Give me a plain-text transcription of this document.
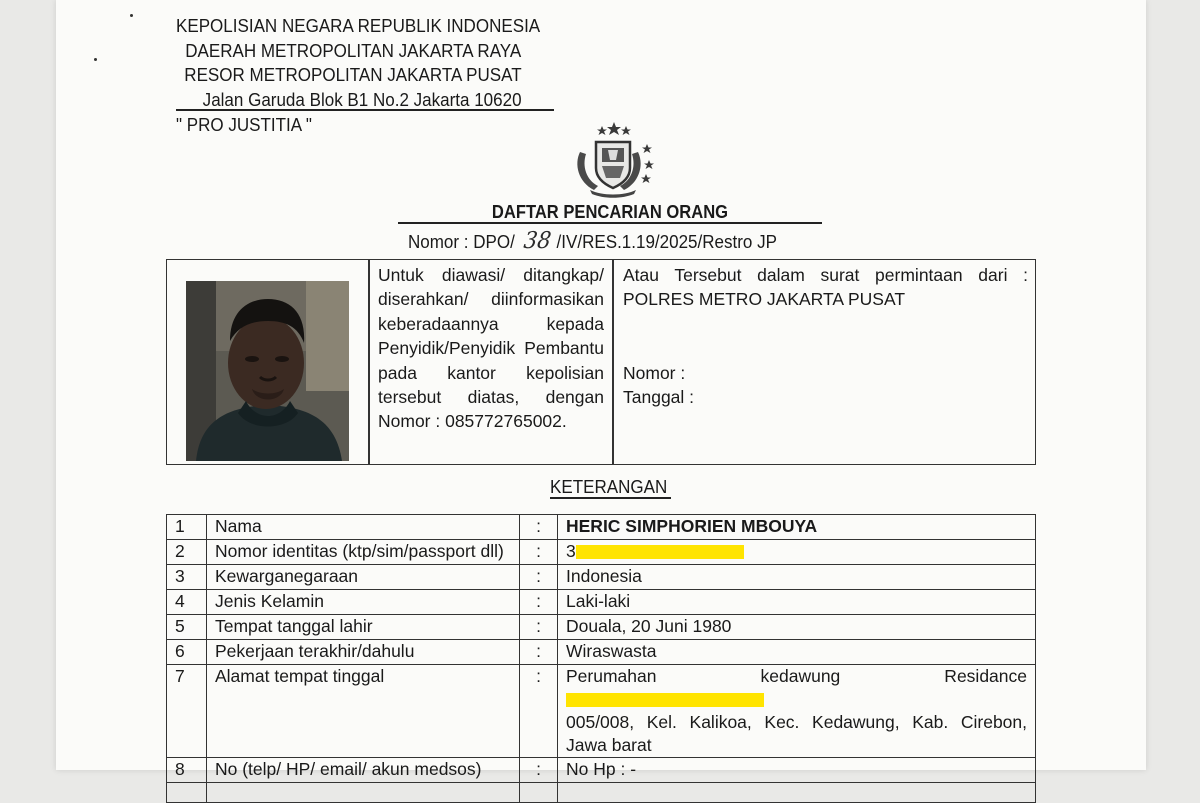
KEPOLISIAN NEGARA REPUBLIK INDONESIA
DAERAH METROPOLITAN JAKARTA RAYA
RESOR METROPOLITAN JAKARTA PUSAT
Jalan Garuda Blok B1 No.2 Jakarta 10620
" PRO JUSTITIA "
DAFTAR PENCARIAN ORANG
Nomor : DPO/ 38 /IV/RES.1.19/2025/Restro JP
Untuk diawasi/ ditangkap/
diserahkan/ diinformasikan
keberadaannya kepada
Penyidik/Penyidik Pembantu
pada kantor kepolisian
tersebut diatas, dengan
Nomor : 085772765002.
Atau Tersebut dalam surat permintaan dari :
POLRES METRO JAKARTA PUSAT
Nomor :
Tanggal :
KETERANGAN
1	Nama	:	HERIC SIMPHORIEN MBOUYA
2	Nomor identitas (ktp/sim/passport dll)	:	3
3	Kewarganegaraan	:	Indonesia
4	Jenis Kelamin	:	Laki-laki
5	Tempat tanggal lahir	:	Douala, 20 Juni 1980
6	Pekerjaan terakhir/dahulu	:	Wiraswasta
7	Alamat tempat tinggal	:	Perumahan kedawung Residance
005/008, Kel. Kalikoa, Kec. Kedawung, Kab. Cirebon,
Jawa barat

8	No (telp/ HP/ email/ akun medsos)	:	No Hp : -
